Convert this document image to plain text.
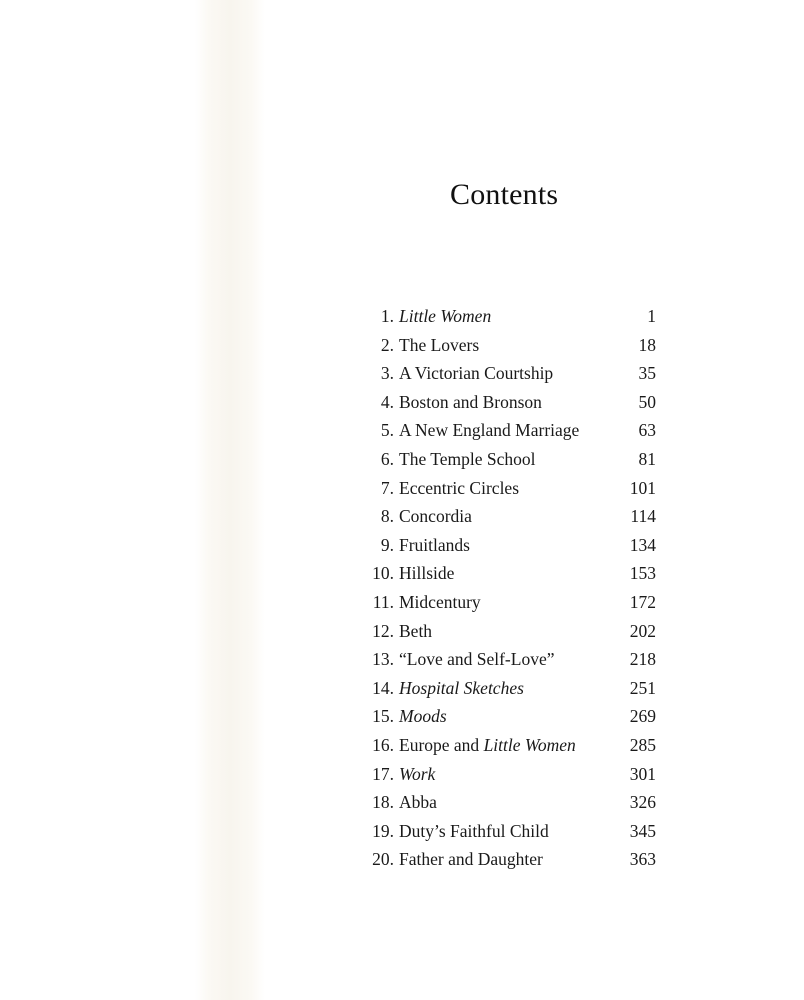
Contents
1. Little Women	1
2. The Lovers	18
3. A Victorian Courtship	35
4. Boston and Bronson	50
5. A New England Marriage	63
6. The Temple School	81
7. Eccentric Circles	101
8. Concordia	114
9. Fruitlands	134
10. Hillside	153
11. Midcentury	172
12. Beth	202
13. “Love and Self-Love”	218
14. Hospital Sketches	251
15. Moods	269
16. Europe and Little Women	285
17. Work	301
18. Abba	326
19. Duty’s Faithful Child	345
20. Father and Daughter	363
